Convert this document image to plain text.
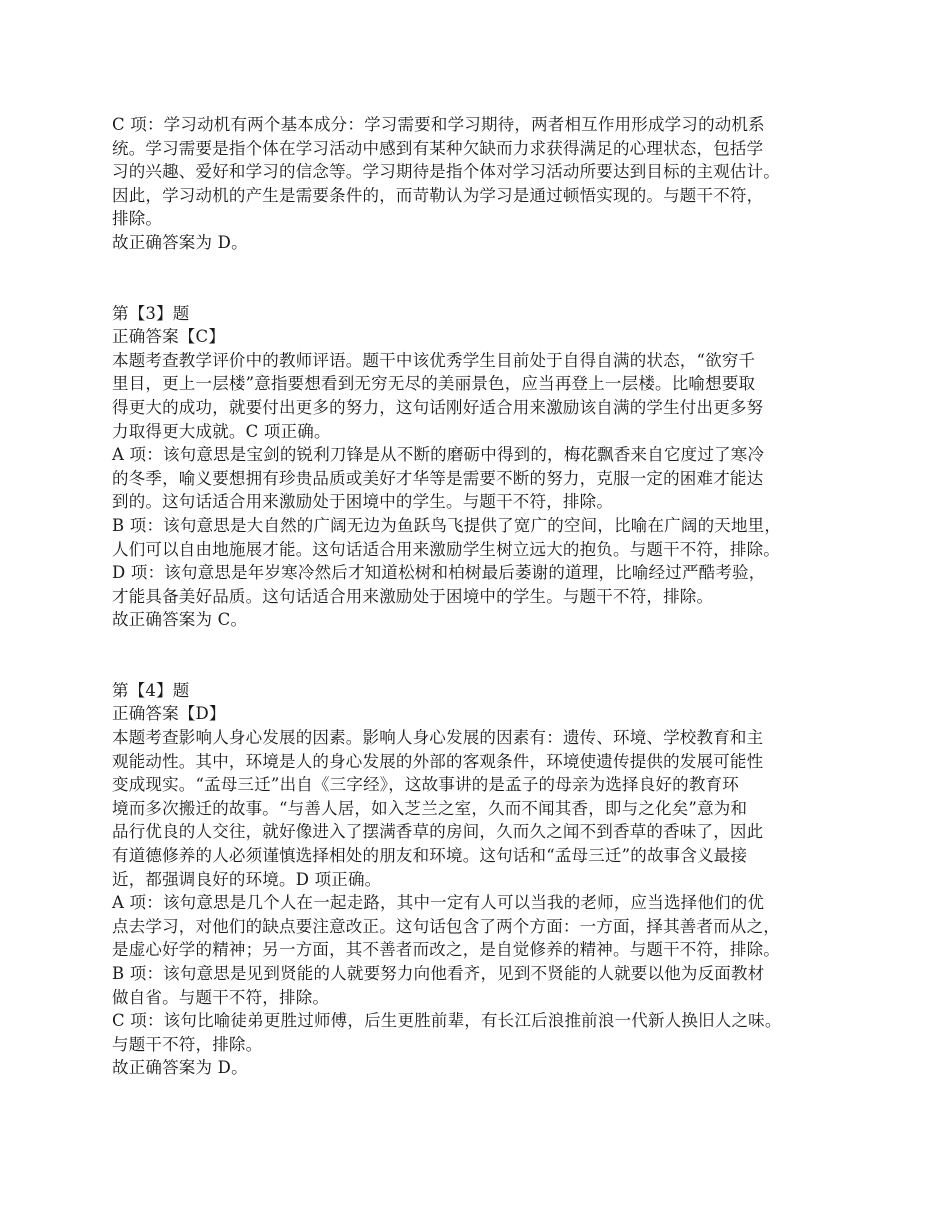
C 项：学习动机有两个基本成分：学习需要和学习期待，两者相互作用形成学习的动机系
统。学习需要是指个体在学习活动中感到有某种欠缺而力求获得满足的心理状态，包括学
习的兴趣、爱好和学习的信念等。学习期待是指个体对学习活动所要达到目标的主观估计。
因此，学习动机的产生是需要条件的，而苛勒认为学习是通过顿悟实现的。与题干不符，
排除。
故正确答案为 D。
第【3】题
正确答案【C】
本题考查教学评价中的教师评语。题干中该优秀学生目前处于自得自满的状态，“欲穷千
里目，更上一层楼”意指要想看到无穷无尽的美丽景色，应当再登上一层楼。比喻想要取
得更大的成功，就要付出更多的努力，这句话刚好适合用来激励该自满的学生付出更多努
力取得更大成就。C 项正确。
A 项：该句意思是宝剑的锐利刀锋是从不断的磨砺中得到的，梅花飘香来自它度过了寒冷
的冬季，喻义要想拥有珍贵品质或美好才华等是需要不断的努力，克服一定的困难才能达
到的。这句话适合用来激励处于困境中的学生。与题干不符，排除。
B 项：该句意思是大自然的广阔无边为鱼跃鸟飞提供了宽广的空间，比喻在广阔的天地里，
人们可以自由地施展才能。这句话适合用来激励学生树立远大的抱负。与题干不符，排除。
D 项：该句意思是年岁寒冷然后才知道松树和柏树最后萎谢的道理，比喻经过严酷考验，
才能具备美好品质。这句话适合用来激励处于困境中的学生。与题干不符，排除。
故正确答案为 C。
第【4】题
正确答案【D】
本题考查影响人身心发展的因素。影响人身心发展的因素有：遗传、环境、学校教育和主
观能动性。其中，环境是人的身心发展的外部的客观条件，环境使遗传提供的发展可能性
变成现实。“孟母三迁”出自《三字经》，这故事讲的是孟子的母亲为选择良好的教育环
境而多次搬迁的故事。“与善人居，如入芝兰之室，久而不闻其香，即与之化矣”意为和
品行优良的人交往，就好像进入了摆满香草的房间，久而久之闻不到香草的香味了，因此
有道德修养的人必须谨慎选择相处的朋友和环境。这句话和“孟母三迁”的故事含义最接
近，都强调良好的环境。D 项正确。
A 项：该句意思是几个人在一起走路，其中一定有人可以当我的老师，应当选择他们的优
点去学习，对他们的缺点要注意改正。这句话包含了两个方面：一方面，择其善者而从之，
是虚心好学的精神；另一方面，其不善者而改之，是自觉修养的精神。与题干不符，排除。
B 项：该句意思是见到贤能的人就要努力向他看齐，见到不贤能的人就要以他为反面教材
做自省。与题干不符，排除。
C 项：该句比喻徒弟更胜过师傅，后生更胜前辈，有长江后浪推前浪一代新人换旧人之味。
与题干不符，排除。
故正确答案为 D。
